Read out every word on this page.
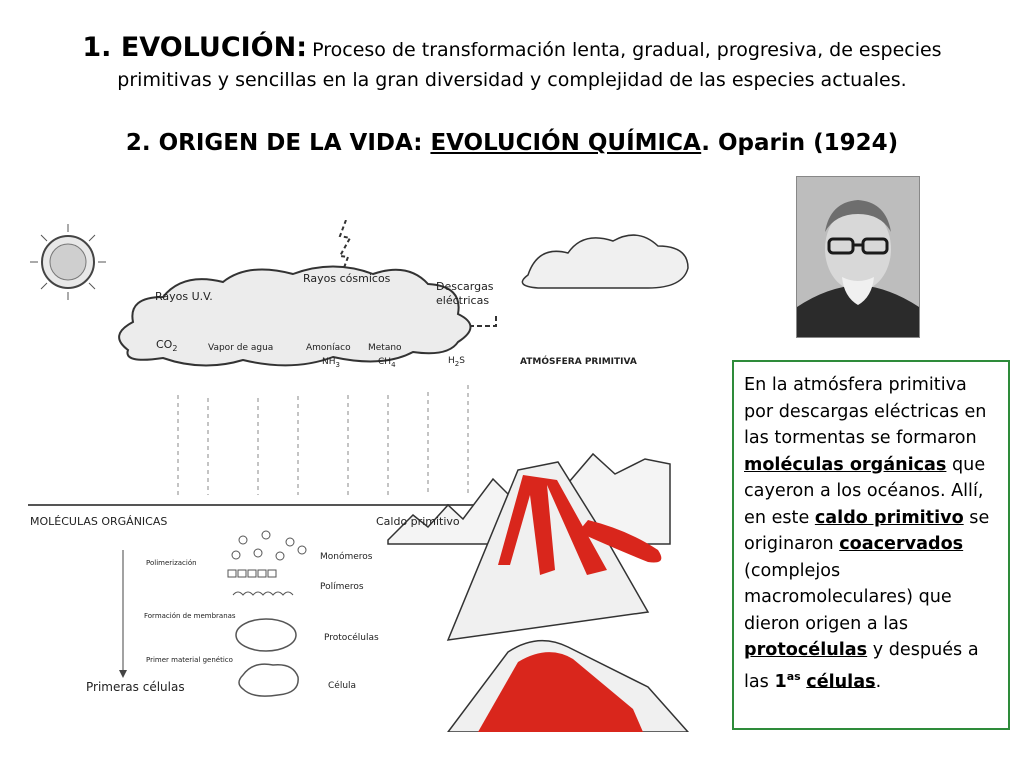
1. EVOLUCIÓN: Proceso de transformación lenta, gradual, progresiva, de especies
primitivas y sencillas en la gran diversidad y complejidad de las especies actuales.
2. ORIGEN DE LA VIDA: EVOLUCIÓN QUÍMICA. Oparin (1924)
Rayos cósmicos
Rayos U.V.
Descargas
eléctricas
$CO_2$	Vapor de agua	Amoníaco
$NH_3$
Metano
$CH_4$	$H_2S$	ATMÓSFERA PRIMITIVA
MOLÉCULAS ORGÁNICAS	Caldo primitivo
Polimerización
Monómeros
Polímeros
Formación de membranas
Protocélulas
Primer material genético
Célula
Primeras células
En la atmósfera primitiva por descargas eléctricas en las tormentas se formaron moléculas orgánicas que cayeron a los océanos. Allí, en este caldo primitivo se originaron coacervados (complejos macromoleculares) que dieron origen a las protocélulas y después a las $1^{as}$ células.
